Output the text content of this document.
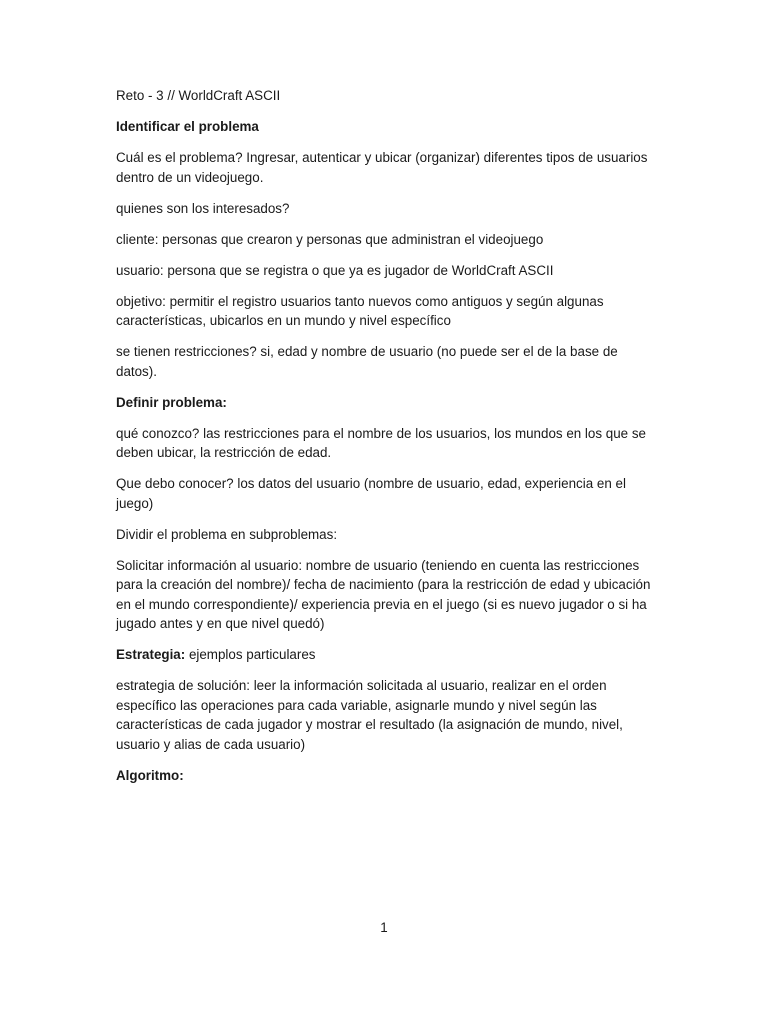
Reto - 3 // WorldCraft ASCII

Identificar el problema

Cuál es el problema? Ingresar, autenticar y ubicar (organizar) diferentes tipos de usuarios dentro de un videojuego.

quienes son los interesados?

cliente: personas que crearon y personas que administran el videojuego

usuario: persona que se registra o que ya es jugador de WorldCraft ASCII

objetivo: permitir el registro usuarios tanto nuevos como antiguos y según algunas características, ubicarlos en un mundo y nivel específico

se tienen restricciones? si, edad y nombre de usuario (no puede ser el de la base de datos).

Definir problema:

qué conozco? las restricciones para el nombre de los usuarios, los mundos en los que se deben ubicar, la restricción de edad.

Que debo conocer? los datos del usuario (nombre de usuario, edad, experiencia en el juego)

Dividir el problema en subproblemas:

Solicitar información al usuario: nombre de usuario (teniendo en cuenta las restricciones para la creación del nombre)/ fecha de nacimiento (para la restricción de edad y ubicación en el mundo correspondiente)/ experiencia previa en el juego (si es nuevo jugador o si ha jugado antes y en que nivel quedó)

Estrategia: ejemplos particulares

estrategia de solución: leer la información solicitada al usuario, realizar en el orden específico las operaciones para cada variable, asignarle mundo y nivel según las características de cada jugador y mostrar el resultado (la asignación de mundo, nivel, usuario y alias de cada usuario)

Algoritmo:

1
